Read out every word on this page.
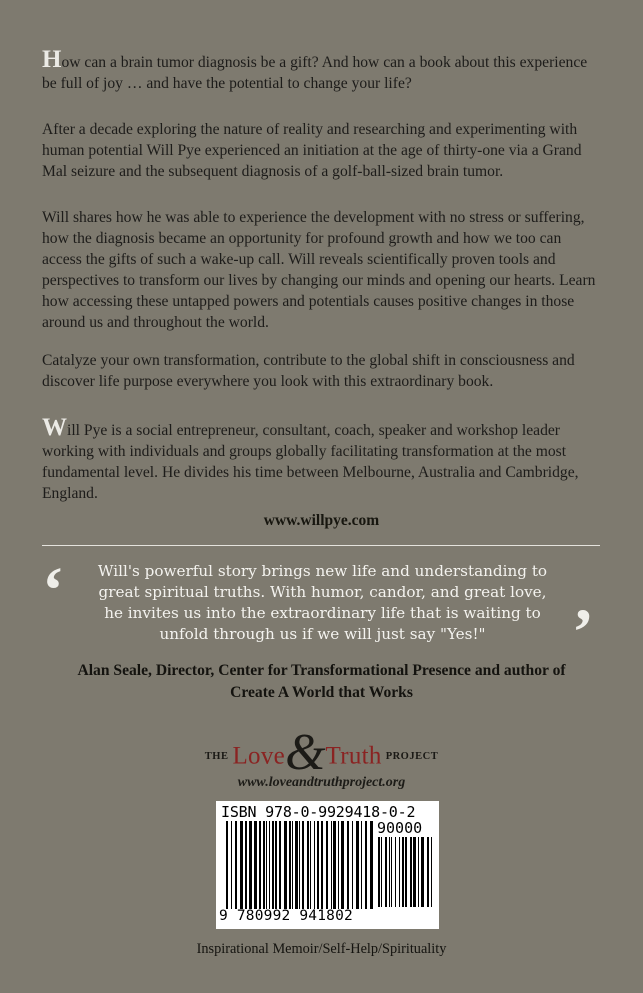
How can a brain tumor diagnosis be a gift? And how can a book about this experience be full of joy … and have the potential to change your life?

After a decade exploring the nature of reality and researching and experimenting with human potential Will Pye experienced an initiation at the age of thirty-one via a Grand Mal seizure and the subsequent diagnosis of a golf-ball-sized brain tumor.

Will shares how he was able to experience the development with no stress or suffering, how the diagnosis became an opportunity for profound growth and how we too can access the gifts of such a wake-up call. Will reveals scientifically proven tools and perspectives to transform our lives by changing our minds and opening our hearts. Learn how accessing these untapped powers and potentials causes positive changes in those around us and throughout the world.

Catalyze your own transformation, contribute to the global shift in consciousness and discover life purpose everywhere you look with this extraordinary book.

Will Pye is a social entrepreneur, consultant, coach, speaker and workshop leader working with individuals and groups globally facilitating transformation at the most fundamental level. He divides his time between Melbourne, Australia and Cambridge, England.

www.willpye.com
‘ Will's powerful story brings new life and understanding to great spiritual truths. With humor, candor, and great love, he invites us into the extraordinary life that is waiting to unfold through us if we will just say "Yes!"	’
Alan Seale, Director, Center for Transformational Presence and author of Create A World that Works
THE Love & Truth PROJECT
www.loveandtruthproject.org
ISBN 978-0-9929418-0-2
90000
9 780992 941802
Inspirational Memoir/Self-Help/Spirituality
